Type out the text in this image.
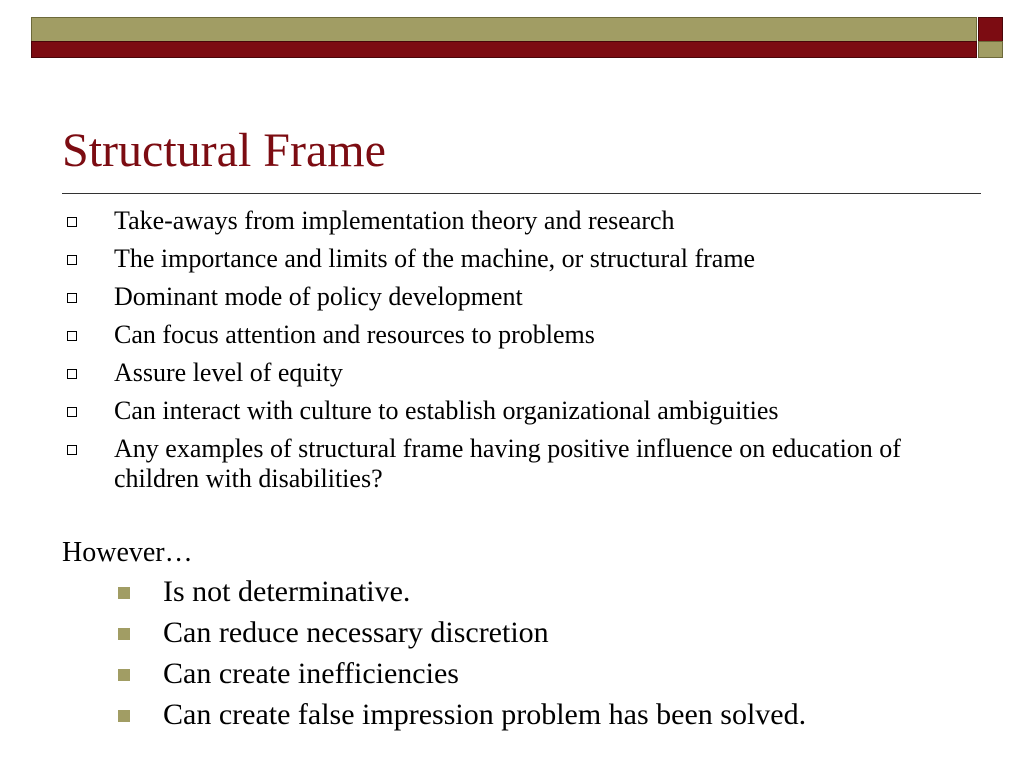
Structural Frame
Take-aways from implementation theory and research
The importance and limits of the machine, or structural frame
Dominant mode of policy development
Can focus attention and resources to problems
Assure level of equity
Can interact with culture to establish organizational ambiguities
Any examples of structural frame having positive influence on education of children with disabilities?
However…
Is not determinative.
Can reduce necessary discretion
Can create inefficiencies
Can create false impression problem has been solved.
